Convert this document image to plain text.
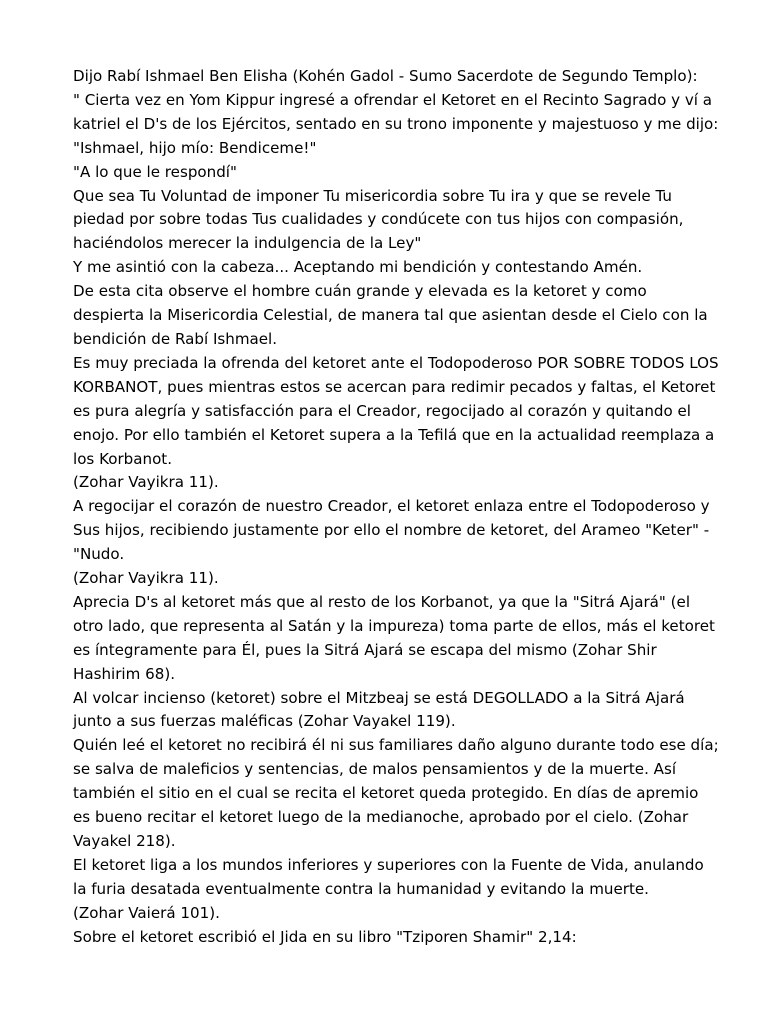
Dijo Rabí Ishmael Ben Elisha (Kohén Gadol - Sumo Sacerdote de Segundo Templo):
" Cierta vez en Yom Kippur ingresé a ofrendar el Ketoret en el Recinto Sagrado y ví a
katriel el D's de los Ejércitos, sentado en su trono imponente y majestuoso y me dijo:
"Ishmael, hijo mío: Bendiceme!"
"A lo que le respondí"
Que sea Tu Voluntad de imponer Tu misericordia sobre Tu ira y que se revele Tu
piedad por sobre todas Tus cualidades y condúcete con tus hijos con compasión,
haciéndolos merecer la indulgencia de la Ley"
Y me asintió con la cabeza... Aceptando mi bendición y contestando Amén.
De esta cita observe el hombre cuán grande y elevada es la ketoret y como
despierta la Misericordia Celestial, de manera tal que asientan desde el Cielo con la
bendición de Rabí Ishmael.
Es muy preciada la ofrenda del ketoret ante el Todopoderoso POR SOBRE TODOS LOS
KORBANOT, pues mientras estos se acercan para redimir pecados y faltas, el Ketoret
es pura alegría y satisfacción para el Creador, regocijado al corazón y quitando el
enojo. Por ello también el Ketoret supera a la Tefilá que en la actualidad reemplaza a
los Korbanot.
(Zohar Vayikra 11).
A regocijar el corazón de nuestro Creador, el ketoret enlaza entre el Todopoderoso y
Sus hijos, recibiendo justamente por ello el nombre de ketoret, del Arameo "Keter" -
"Nudo.
(Zohar Vayikra 11).
Aprecia D's al ketoret más que al resto de los Korbanot, ya que la "Sitrá Ajará" (el
otro lado, que representa al Satán y la impureza) toma parte de ellos, más el ketoret
es íntegramente para Él, pues la Sitrá Ajará se escapa del mismo (Zohar Shir
Hashirim 68).
Al volcar incienso (ketoret) sobre el Mitzbeaj se está DEGOLLADO a la Sitrá Ajará
junto a sus fuerzas maléficas (Zohar Vayakel 119).
Quién leé el ketoret no recibirá él ni sus familiares daño alguno durante todo ese día;
se salva de maleficios y sentencias, de malos pensamientos y de la muerte. Así
también el sitio en el cual se recita el ketoret queda protegido. En días de apremio
es bueno recitar el ketoret luego de la medianoche, aprobado por el cielo. (Zohar
Vayakel 218).
El ketoret liga a los mundos inferiores y superiores con la Fuente de Vida, anulando
la furia desatada eventualmente contra la humanidad y evitando la muerte.
(Zohar Vaierá 101).
Sobre el ketoret escribió el Jida en su libro "Tziporen Shamir" 2,14:
